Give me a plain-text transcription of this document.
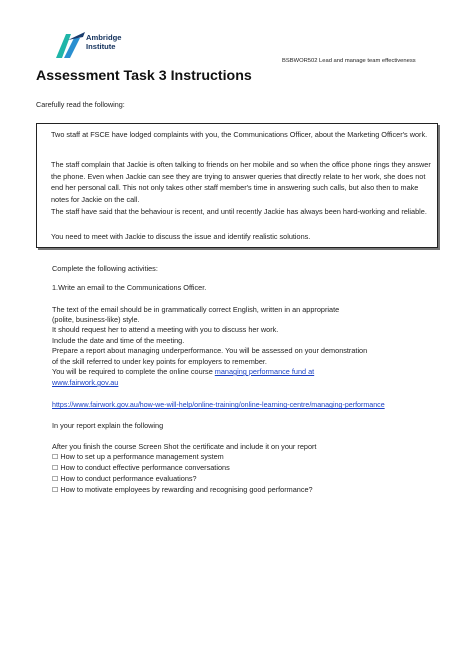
Ambridge
Institute
BSBWOR502 Lead and manage team effectiveness
Assessment Task 3 Instructions
Carefully read the following:

Two staff at FSCE have lodged complaints with you, the Communications Officer, about the Marketing Officer's work.

The staff complain that Jackie is often talking to friends on her mobile and so when the office phone rings they answer the phone. Even when Jackie can see they are trying to answer queries that directly relate to her work, she does not end her personal call. This not only takes other staff member's time in answering such calls, but also then to make notes for Jackie on the call.

The staff have said that the behaviour is recent, and until recently Jackie has always been hard-working and reliable.

You need to meet with Jackie to discuss the issue and identify realistic solutions.

Complete the following activities:
1.Write an email to the Communications Officer.
The text of the email should be in grammatically correct English, written in an appropriate
(polite, business-like) style.
It should request her to attend a meeting with you to discuss her work.
Include the date and time of the meeting.
Prepare a report about managing underperformance. You will be assessed on your demonstration
of the skill referred to under key points for employers to remember.
You will be required to complete the online course managing performance fund at
www.fairwork.gov.au
https://www.fairwork.gov.au/how-we-will-help/online-training/online-learning-centre/managing-performance
In your report explain the following
After you finish the course Screen Shot the certificate and include it on your report
☐ How to set up a performance management system
☐ How to conduct effective performance conversations
☐ How to conduct performance evaluations?
☐ How to motivate employees by rewarding and recognising good performance?
